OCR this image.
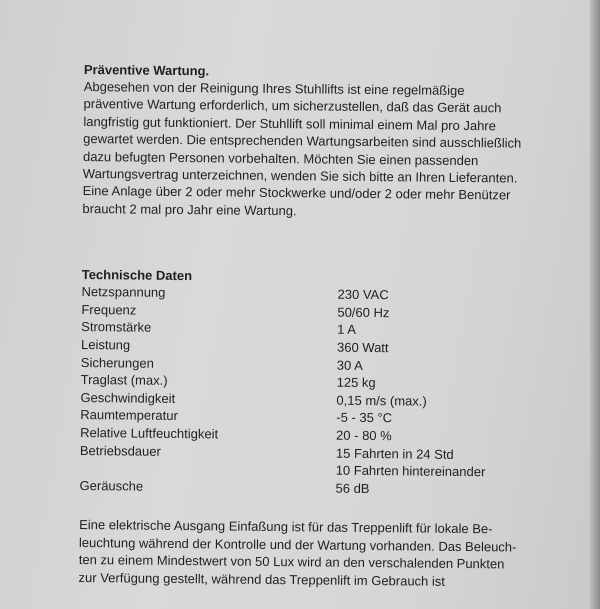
Präventive Wartung.

Abgesehen von der Reinigung Ihres Stuhllifts ist eine regelmäßige

präventive Wartung erforderlich, um sicherzustellen, daß das Gerät auch

langfristig gut funktioniert. Der Stuhllift soll minimal einem Mal pro Jahre

gewartet werden. Die entsprechenden Wartungsarbeiten sind ausschließlich

dazu befugten Personen vorbehalten. Möchten Sie einen passenden

Wartungsvertrag unterzeichnen, wenden Sie sich bitte an Ihren Lieferanten.

Eine Anlage über 2 oder mehr Stockwerke und/oder 2 oder mehr Benützer

braucht 2 mal pro Jahr eine Wartung.

Technische Daten
Netzspannung	230 VAC
Frequenz	50/60 Hz
Stromstärke	1 A
Leistung	360 Watt
Sicherungen	30 A
Traglast (max.)	125 kg
Geschwindigkeit	0,15 m/s (max.)
Raumtemperatur	-5 - 35 °C
Relative Luftfeuchtigkeit	20 - 80 %
Betriebsdauer	15 Fahrten in 24 Std
10 Fahrten hintereinander
Geräusche	56 dB

Eine elektrische Ausgang Einfaßung ist für das Treppenlift für lokale Be-

leuchtung während der Kontrolle und der Wartung vorhanden. Das Beleuch-

ten zu einem Mindestwert von 50 Lux wird an den verschalenden Punkten

zur Verfügung gestellt, während das Treppenlift im Gebrauch ist
